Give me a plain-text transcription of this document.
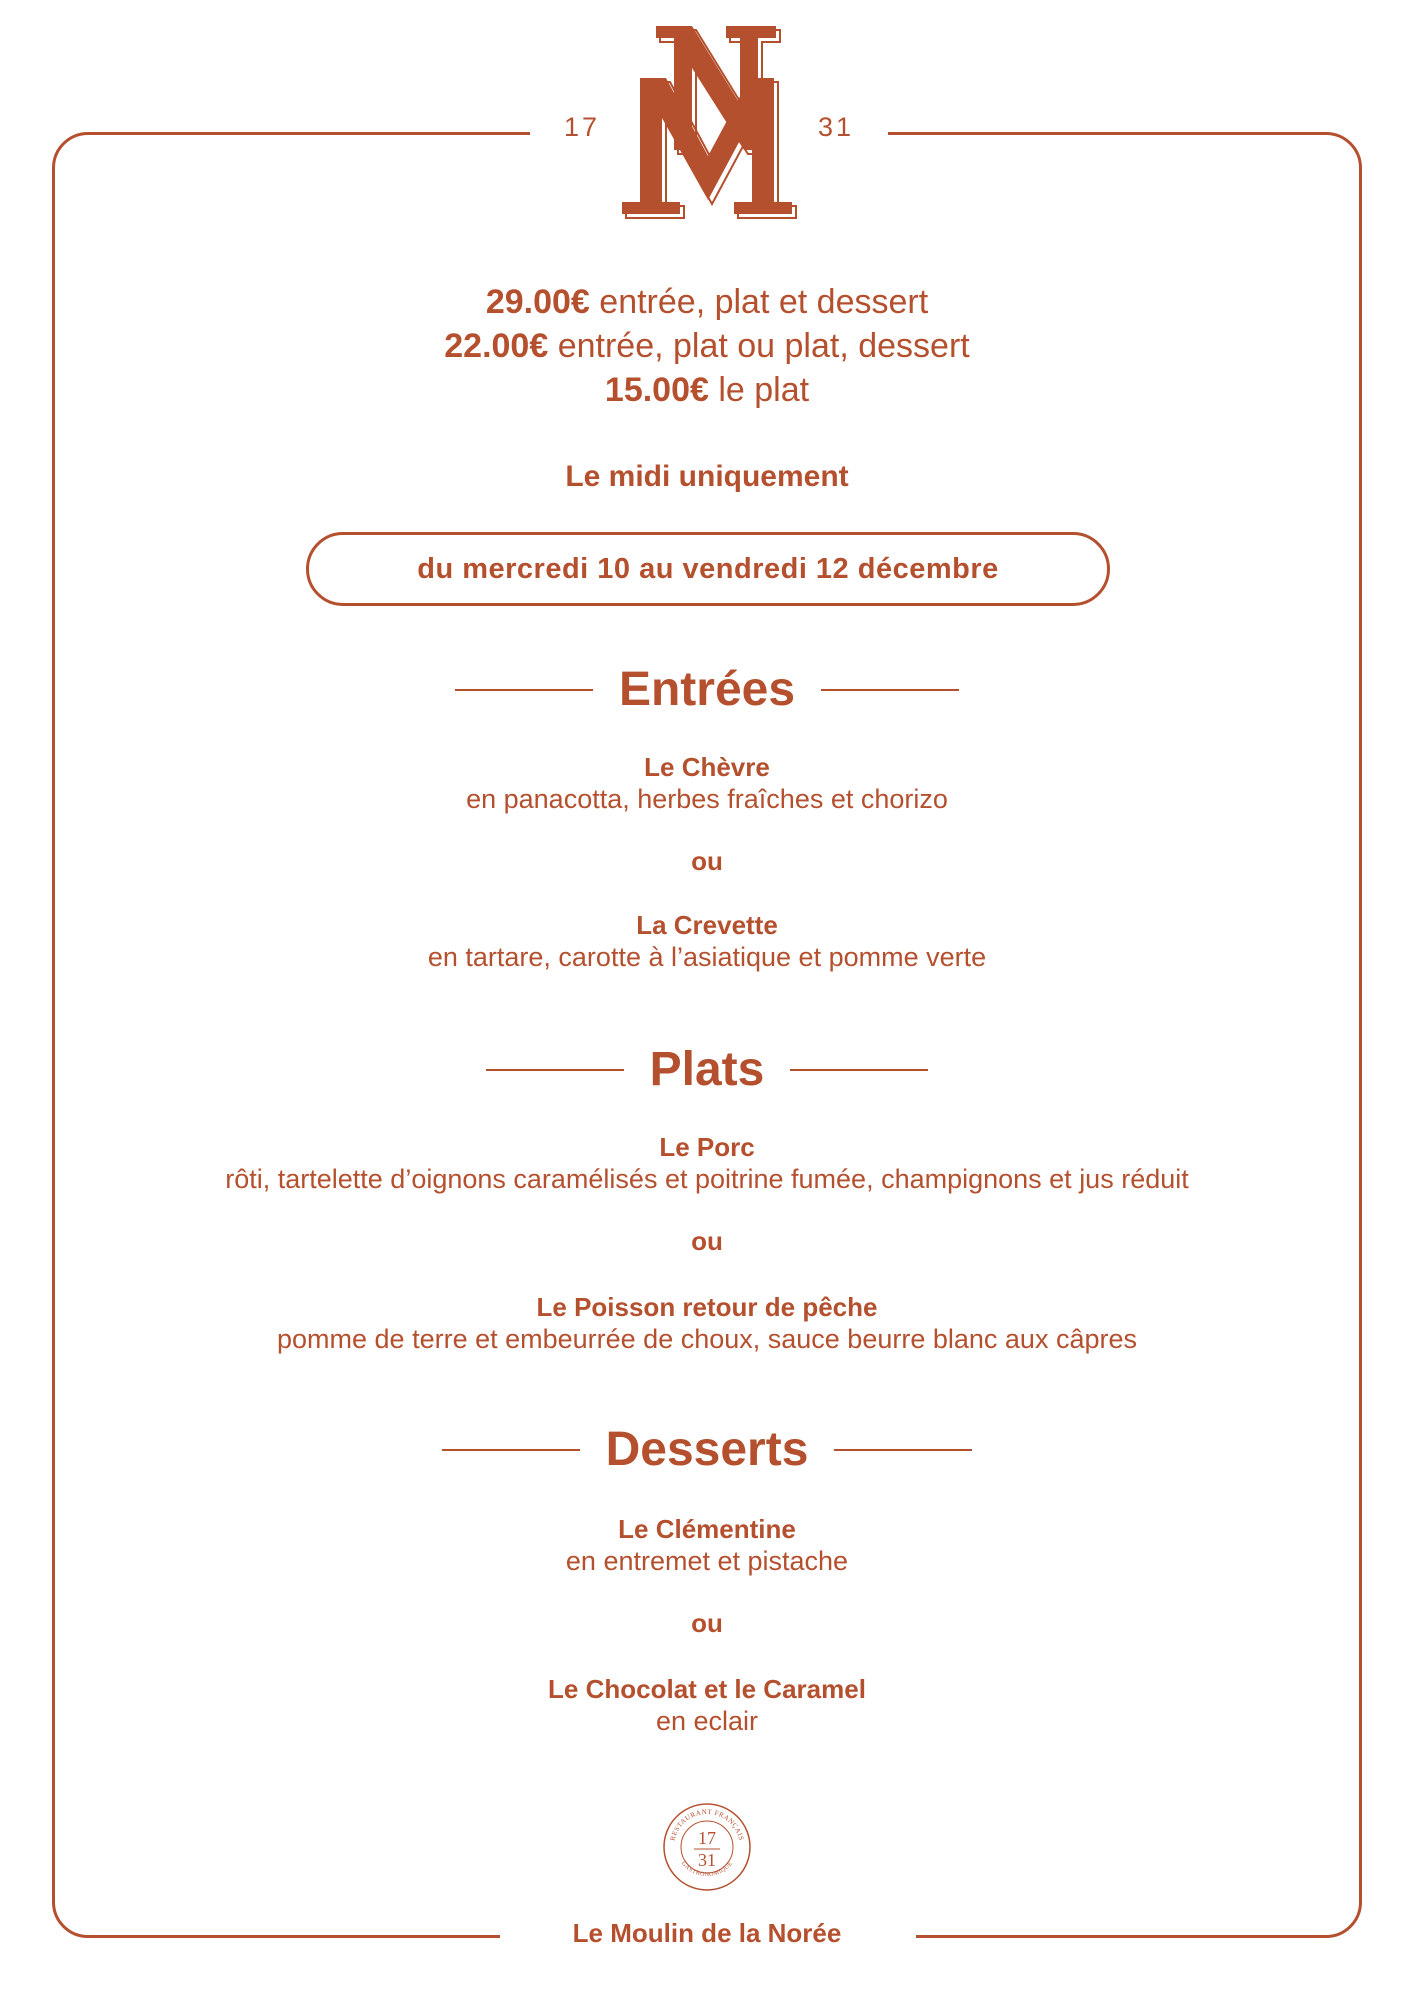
17	31
MN
29.00€ entrée, plat et dessert
22.00€ entrée, plat ou plat, dessert
15.00€ le plat
Le midi uniquement
du mercredi 10 au vendredi 12 décembre
Entrées
Le Chèvre
en panacotta, herbes fraîches et chorizo
ou
La Crevette
en tartare, carotte à l’asiatique et pomme verte
Plats
Le Porc
rôti, tartelette d’oignons caramélisés et poitrine fumée, champignons et jus réduit
ou
Le Poisson retour de pêche
pomme de terre et embeurrée de choux, sauce beurre blanc aux câpres
Desserts
Le Clémentine
en entremet et pistache
ou
Le Chocolat et le Caramel
en eclair
RESTAURANT FRANÇAIS
GASTRONOMIQUE
17
31
Le Moulin de la Norée
